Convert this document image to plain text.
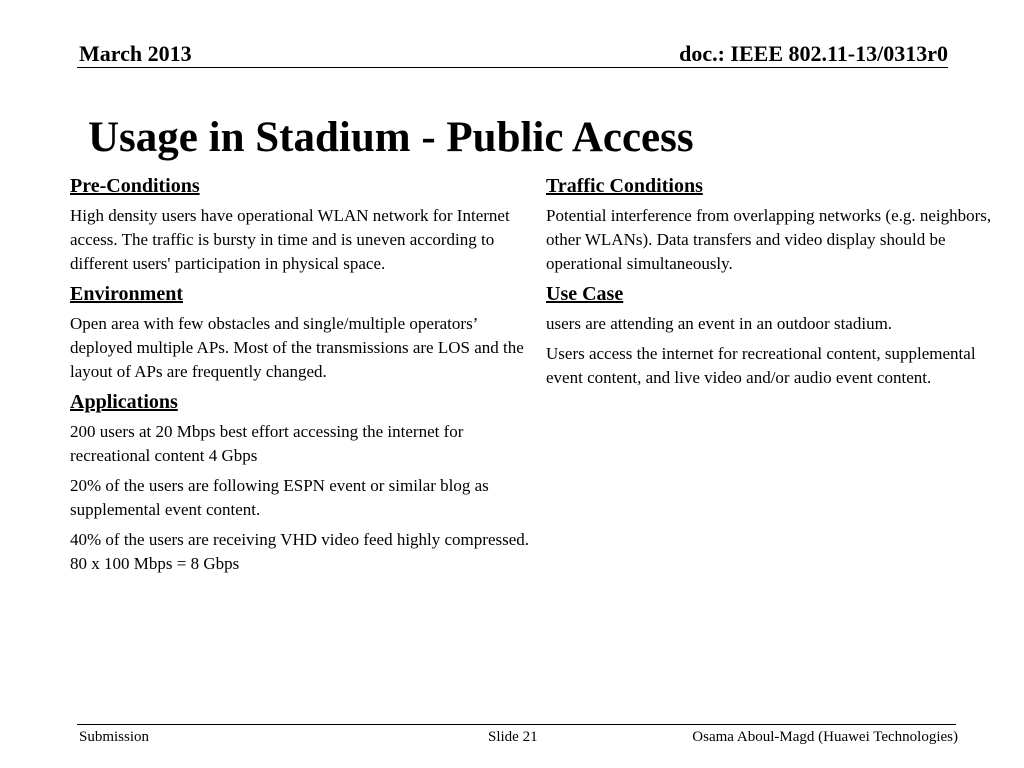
March 2013	doc.: IEEE 802.11-13/0313r0
Usage in Stadium - Public Access
Pre-Conditions
High density users have operational WLAN network for Internet access. The traffic is bursty in time and is uneven according to different users' participation in physical space.
Environment
Open area with few obstacles and single/multiple operators’ deployed multiple APs. Most of the transmissions are LOS and the layout of APs are frequently changed.
Applications
200 users at 20 Mbps best effort accessing the internet for recreational content 4 Gbps
20% of the users are following ESPN event or similar blog as supplemental event content.
40% of the users are receiving VHD video feed highly compressed. 80 x 100 Mbps = 8 Gbps
Traffic Conditions
Potential interference from overlapping networks (e.g. neighbors, other WLANs). Data transfers and video display should be operational simultaneously.
Use Case
users are attending an event in an outdoor stadium.
Users access the internet for recreational content, supplemental event content, and live video and/or audio event content.
Submission	Slide 21	Osama Aboul-Magd (Huawei Technologies)
